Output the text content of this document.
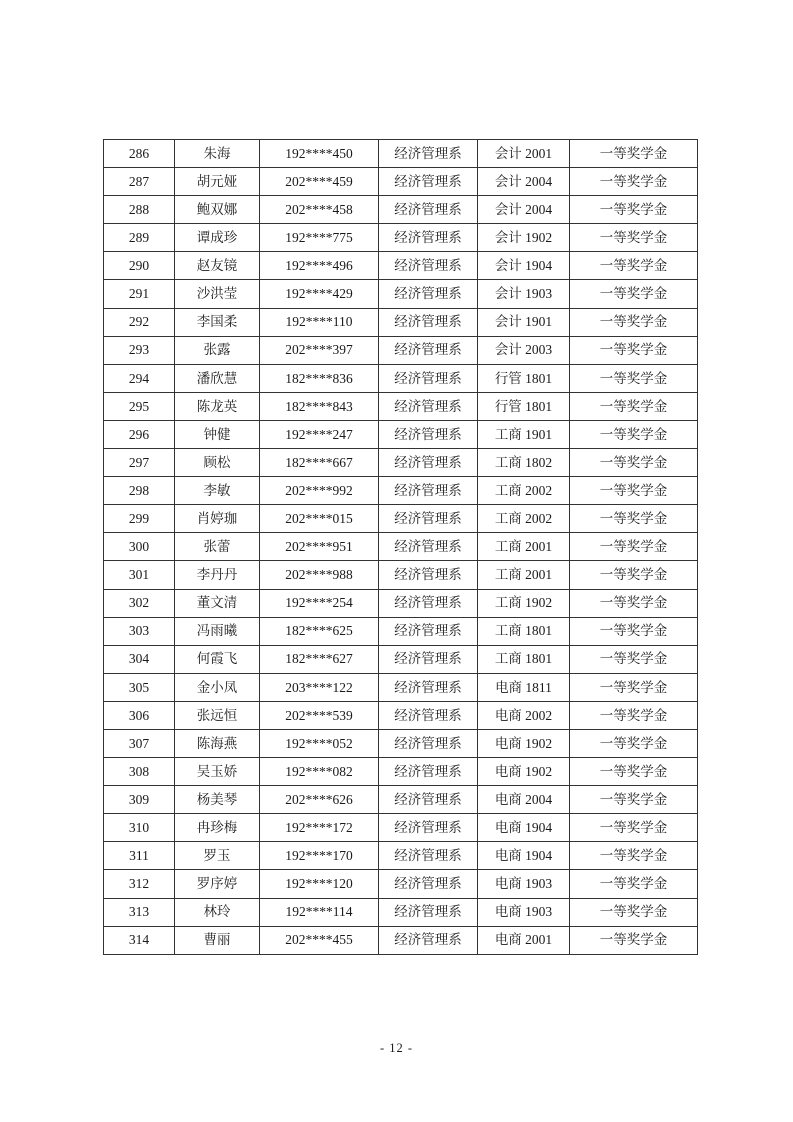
286	朱海	192****450	经济管理系	会计 2001	一等奖学金
287	胡元娅	202****459	经济管理系	会计 2004	一等奖学金
288	鲍双娜	202****458	经济管理系	会计 2004	一等奖学金
289	谭成珍	192****775	经济管理系	会计 1902	一等奖学金
290	赵友镜	192****496	经济管理系	会计 1904	一等奖学金
291	沙洪莹	192****429	经济管理系	会计 1903	一等奖学金
292	李国柔	192****110	经济管理系	会计 1901	一等奖学金
293	张露	202****397	经济管理系	会计 2003	一等奖学金
294	潘欣慧	182****836	经济管理系	行管 1801	一等奖学金
295	陈龙英	182****843	经济管理系	行管 1801	一等奖学金
296	钟健	192****247	经济管理系	工商 1901	一等奖学金
297	顾松	182****667	经济管理系	工商 1802	一等奖学金
298	李敏	202****992	经济管理系	工商 2002	一等奖学金
299	肖婷珈	202****015	经济管理系	工商 2002	一等奖学金
300	张蕾	202****951	经济管理系	工商 2001	一等奖学金
301	李丹丹	202****988	经济管理系	工商 2001	一等奖学金
302	董文清	192****254	经济管理系	工商 1902	一等奖学金
303	冯雨曦	182****625	经济管理系	工商 1801	一等奖学金
304	何霞飞	182****627	经济管理系	工商 1801	一等奖学金
305	金小凤	203****122	经济管理系	电商 1811	一等奖学金
306	张远恒	202****539	经济管理系	电商 2002	一等奖学金
307	陈海燕	192****052	经济管理系	电商 1902	一等奖学金
308	吴玉娇	192****082	经济管理系	电商 1902	一等奖学金
309	杨美琴	202****626	经济管理系	电商 2004	一等奖学金
310	冉珍梅	192****172	经济管理系	电商 1904	一等奖学金
311	罗玉	192****170	经济管理系	电商 1904	一等奖学金
312	罗序婷	192****120	经济管理系	电商 1903	一等奖学金
313	林玲	192****114	经济管理系	电商 1903	一等奖学金
314	曹丽	202****455	经济管理系	电商 2001	一等奖学金
- 12 -
